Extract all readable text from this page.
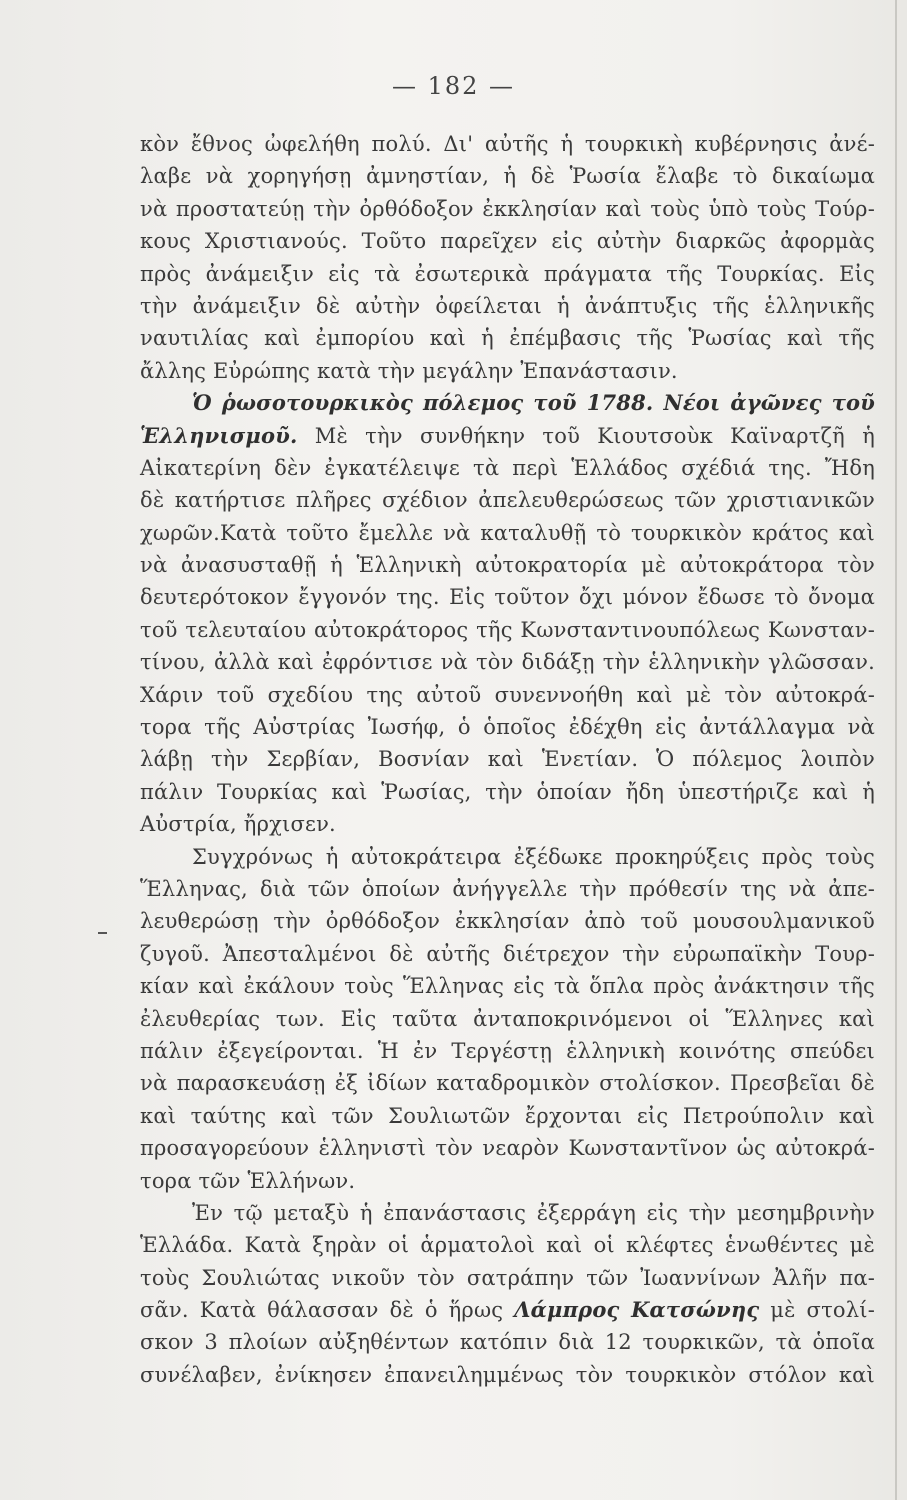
— 182 —
κὸν ἔθνος ὠφελήθη πολύ. Δι' αὐτῆς ἡ τουρκικὴ κυβέρνησις ἀνέ-
λαβε νὰ χορηγήσῃ ἀμνηστίαν, ἡ δὲ Ῥωσία ἔλαβε τὸ δικαίωμα
νὰ προστατεύῃ τὴν ὀρθόδοξον ἐκκλησίαν καὶ τοὺς ὑπὸ τοὺς Τούρ-
κους Χριστιανούς. Τοῦτο παρεῖχεν εἰς αὐτὴν διαρκῶς ἀφορμὰς
πρὸς ἀνάμειξιν εἰς τὰ ἐσωτερικὰ πράγματα τῆς Τουρκίας. Εἰς
τὴν ἀνάμειξιν δὲ αὐτὴν ὀφείλεται ἡ ἀνάπτυξις τῆς ἑλληνικῆς
ναυτιλίας καὶ ἐμπορίου καὶ ἡ ἐπέμβασις τῆς Ῥωσίας καὶ τῆς
ἄλλης Εὐρώπης κατὰ τὴν μεγάλην Ἐπανάστασιν.
Ὁ ῥωσοτουρκικὸς πόλεμος τοῦ 1788. Νέοι ἀγῶνες τοῦ
Ἑλληνισμοῦ. Μὲ τὴν συνθήκην τοῦ Κιουτσοὺκ Καϊναρτζῆ ἡ
Αἰκατερίνη δὲν ἐγκατέλειψε τὰ περὶ Ἑλλάδος σχέδιά της. Ἤδη
δὲ κατήρτισε πλῆρες σχέδιον ἀπελευθερώσεως τῶν χριστιανικῶν
χωρῶν.Κατὰ τοῦτο ἔμελλε νὰ καταλυθῇ τὸ τουρκικὸν κράτος καὶ
νὰ ἀνασυσταθῇ ἡ Ἑλληνικὴ αὐτοκρατορία μὲ αὐτοκράτορα τὸν
δευτερότοκον ἔγγονόν της. Εἰς τοῦτον ὄχι μόνον ἔδωσε τὸ ὄνομα
τοῦ τελευταίου αὐτοκράτορος τῆς Κωνσταντινουπόλεως Κωνσταν-
τίνου, ἀλλὰ καὶ ἐφρόντισε νὰ τὸν διδάξῃ τὴν ἑλληνικὴν γλῶσσαν.
Χάριν τοῦ σχεδίου της αὐτοῦ συνεννοήθη καὶ μὲ τὸν αὐτοκρά-
τορα τῆς Αὐστρίας Ἰωσήφ, ὁ ὁποῖος ἐδέχθη εἰς ἀντάλλαγμα νὰ
λάβῃ τὴν Σερβίαν, Βοσνίαν καὶ Ἑνετίαν. Ὁ πόλεμος λοιπὸν
πάλιν Τουρκίας καὶ Ῥωσίας, τὴν ὁποίαν ἤδη ὑπεστήριζε καὶ ἡ
Αὐστρία, ἤρχισεν.
Συγχρόνως ἡ αὐτοκράτειρα ἐξέδωκε προκηρύξεις πρὸς τοὺς
Ἕλληνας, διὰ τῶν ὁποίων ἀνήγγελλε τὴν πρόθεσίν της νὰ ἀπε-
λευθερώσῃ τὴν ὀρθόδοξον ἐκκλησίαν ἀπὸ τοῦ μουσουλμανικοῦ
ζυγοῦ. Ἀπεσταλμένοι δὲ αὐτῆς διέτρεχον τὴν εὐρωπαϊκὴν Τουρ-
κίαν καὶ ἐκάλουν τοὺς Ἕλληνας εἰς τὰ ὅπλα πρὸς ἀνάκτησιν τῆς
ἐλευθερίας των. Εἰς ταῦτα ἀνταποκρινόμενοι οἱ Ἕλληνες καὶ
πάλιν ἐξεγείρονται. Ἡ ἐν Τεργέστῃ ἑλληνικὴ κοινότης σπεύδει
νὰ παρασκευάσῃ ἐξ ἰδίων καταδρομικὸν στολίσκον. Πρεσβεῖαι δὲ
καὶ ταύτης καὶ τῶν Σουλιωτῶν ἔρχονται εἰς Πετρούπολιν καὶ
προσαγορεύουν ἑλληνιστὶ τὸν νεαρὸν Κωνσταντῖνον ὡς αὐτοκρά-
τορα τῶν Ἑλλήνων.
Ἐν τῷ μεταξὺ ἡ ἐπανάστασις ἐξερράγη εἰς τὴν μεσημβρινὴν
Ἑλλάδα. Κατὰ ξηρὰν οἱ ἁρματολοὶ καὶ οἱ κλέφτες ἑνωθέντες μὲ
τοὺς Σουλιώτας νικοῦν τὸν σατράπην τῶν Ἰωαννίνων Ἀλῆν πα-
σᾶν. Κατὰ θάλασσαν δὲ ὁ ἥρως Λάμπρος Κατσώνης μὲ στολί-
σκον 3 πλοίων αὐξηθέντων κατόπιν διὰ 12 τουρκικῶν, τὰ ὁποῖα
συνέλαβεν, ἐνίκησεν ἐπανειλημμένως τὸν τουρκικὸν στόλον καὶ
